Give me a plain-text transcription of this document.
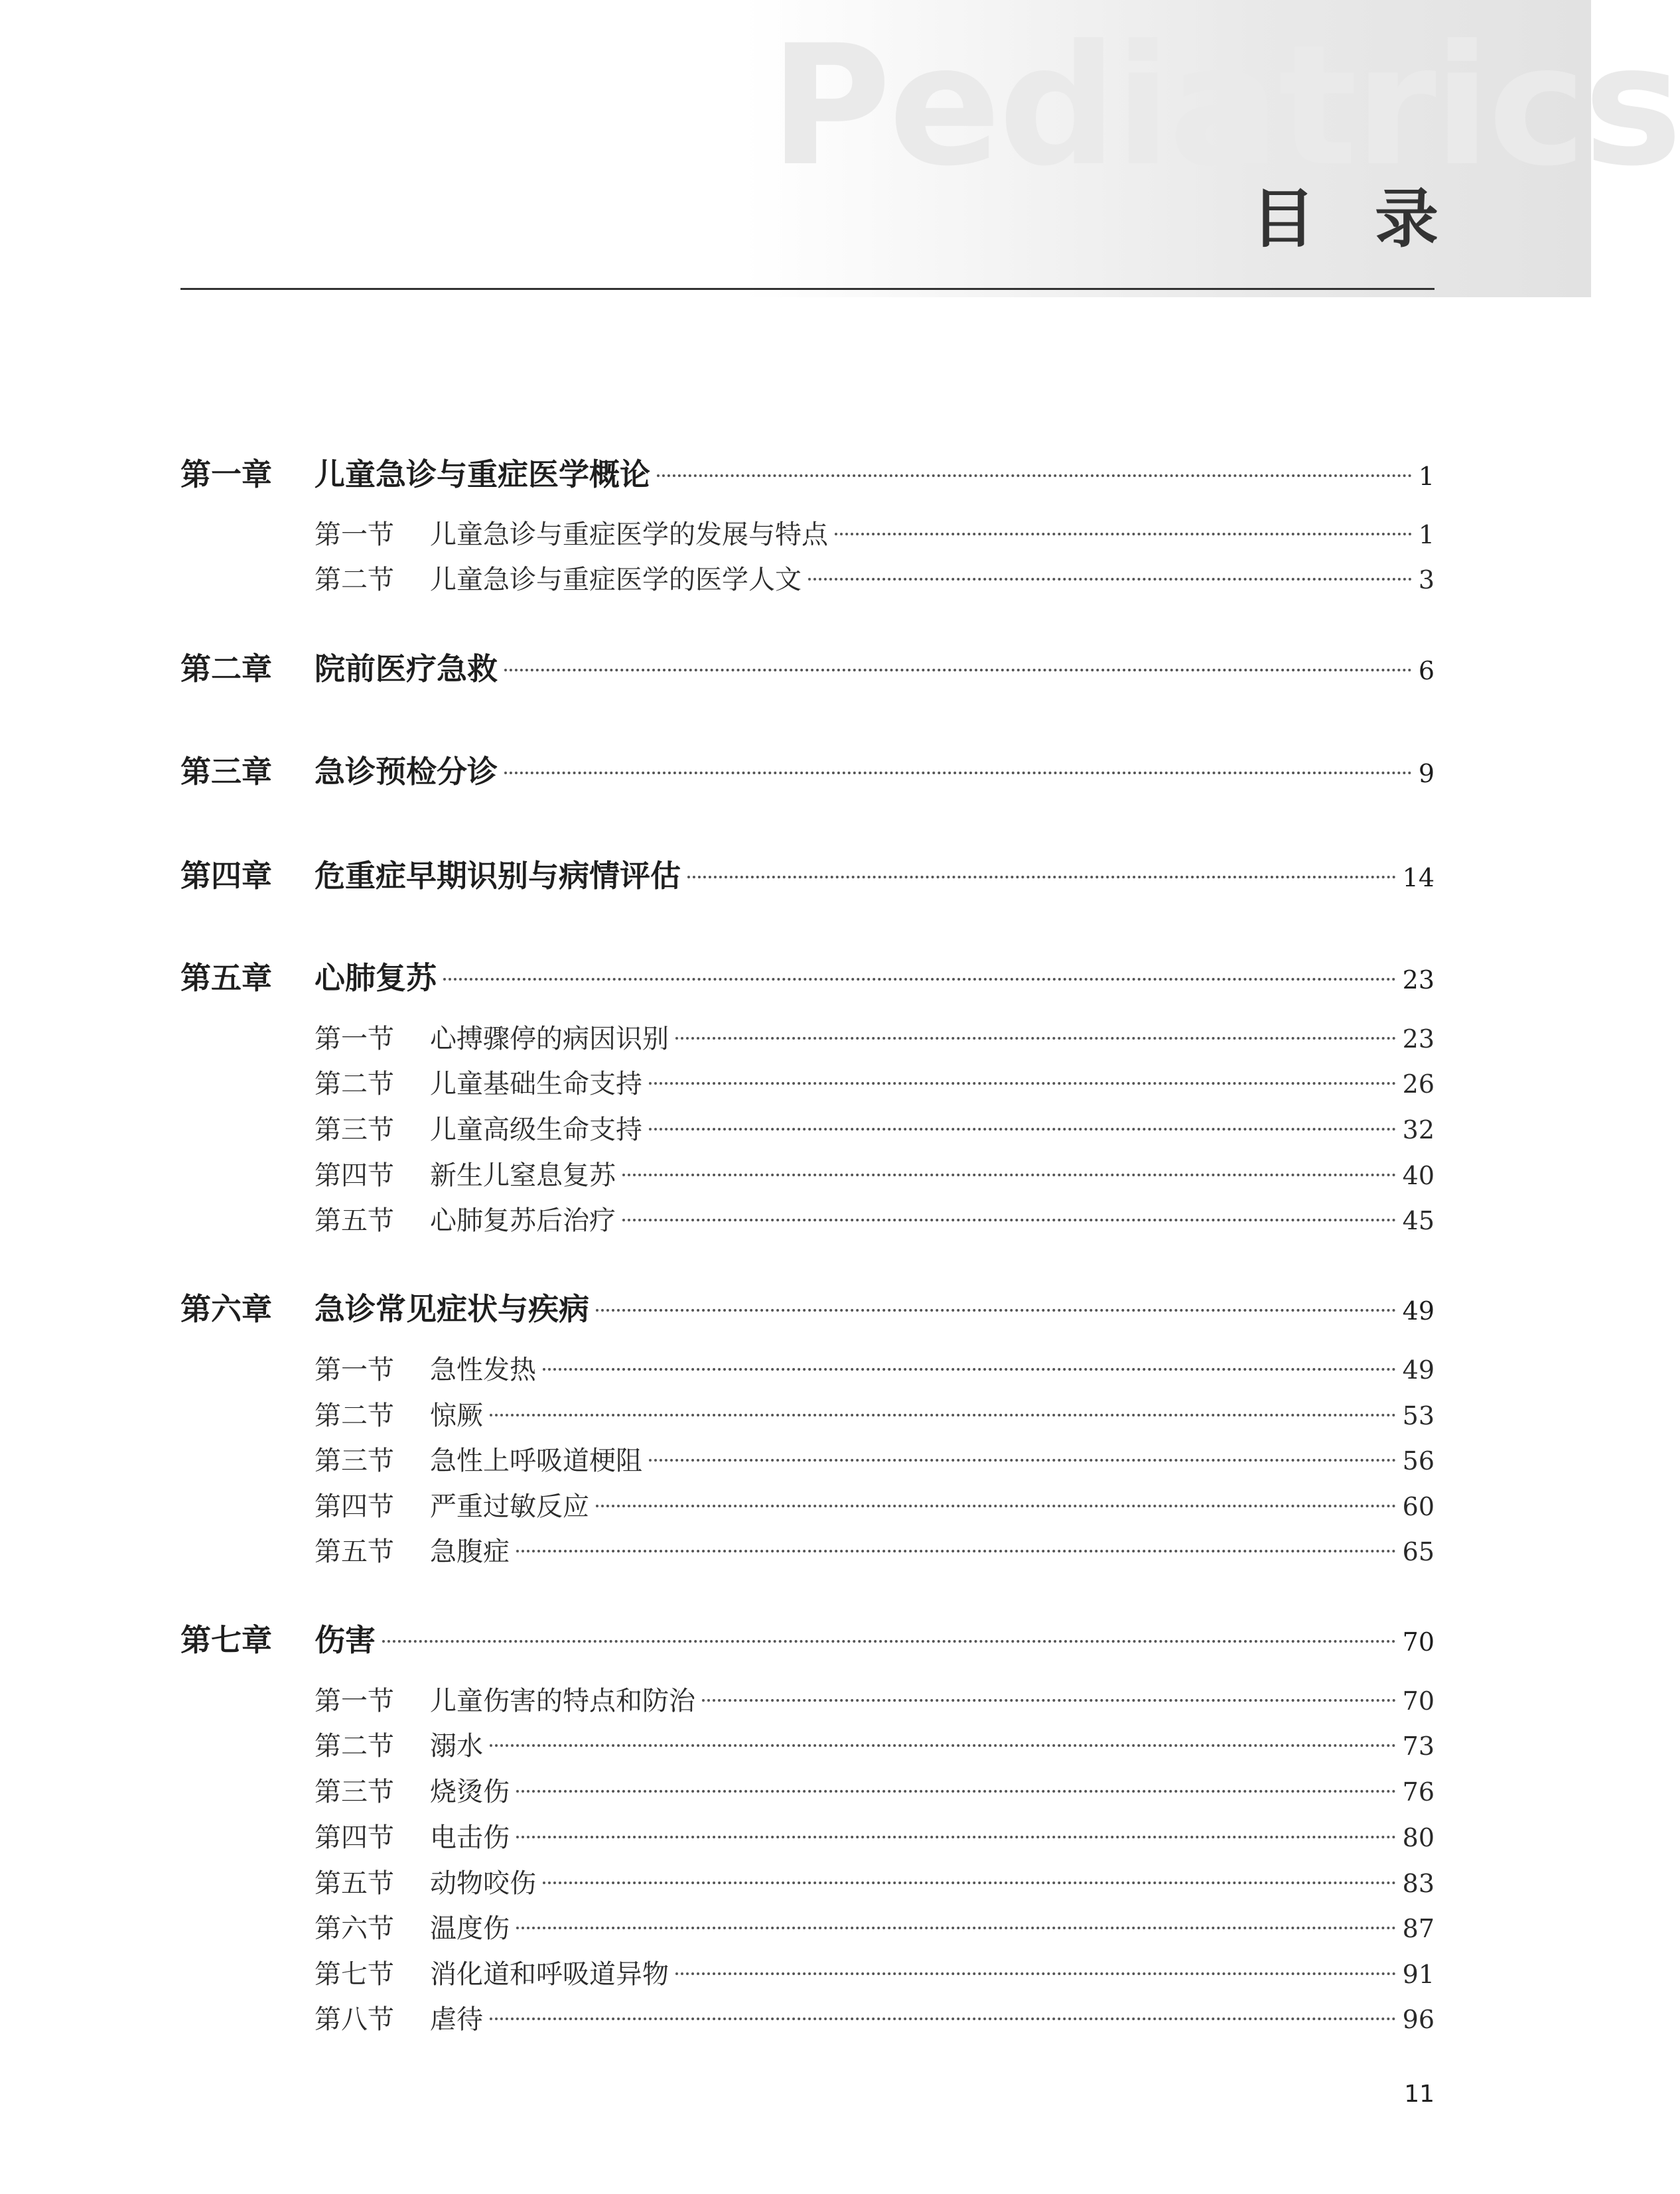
Pediatrics
目录
第一章	儿童急诊与重症医学概论	1
第一节	儿童急诊与重症医学的发展与特点	1
第二节	儿童急诊与重症医学的医学人文	3
第二章	院前医疗急救	6
第三章	急诊预检分诊	9
第四章	危重症早期识别与病情评估	14
第五章	心肺复苏	23
第一节	心搏骤停的病因识别	23
第二节	儿童基础生命支持	26
第三节	儿童高级生命支持	32
第四节	新生儿窒息复苏	40
第五节	心肺复苏后治疗	45
第六章	急诊常见症状与疾病	49
第一节	急性发热	49
第二节	惊厥	53
第三节	急性上呼吸道梗阻	56
第四节	严重过敏反应	60
第五节	急腹症	65
第七章	伤害	70
第一节	儿童伤害的特点和防治	70
第二节	溺水	73
第三节	烧烫伤	76
第四节	电击伤	80
第五节	动物咬伤	83
第六节	温度伤	87
第七节	消化道和呼吸道异物	91
第八节	虐待	96
11
